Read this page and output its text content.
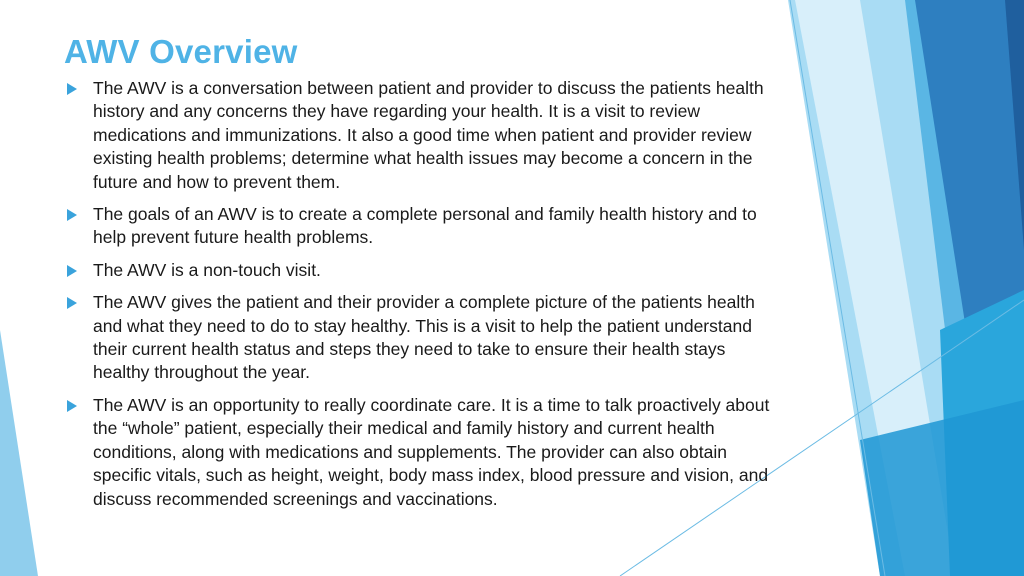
AWV Overview
The AWV is a conversation between patient and provider to discuss the patients health history and any concerns they have regarding your health. It is a visit to review medications and immunizations. It also a good time when patient and provider review existing health problems; determine what health issues may become a concern in the future and how to prevent them.
The goals of an AWV is to create a complete personal and family health history and to help prevent future health problems.
The AWV is a non-touch visit.
The AWV gives the patient and their provider a complete picture of the patients health and what they need to do to stay healthy. This is a visit to help the patient understand their current health status and steps they need to take to ensure their health stays healthy throughout the year.
The AWV is an opportunity to really coordinate care. It is a time to talk proactively about the “whole” patient, especially their medical and family history and current health conditions, along with medications and supplements. The provider can also obtain specific vitals, such as height, weight, body mass index, blood pressure and vision, and discuss recommended screenings and vaccinations.
